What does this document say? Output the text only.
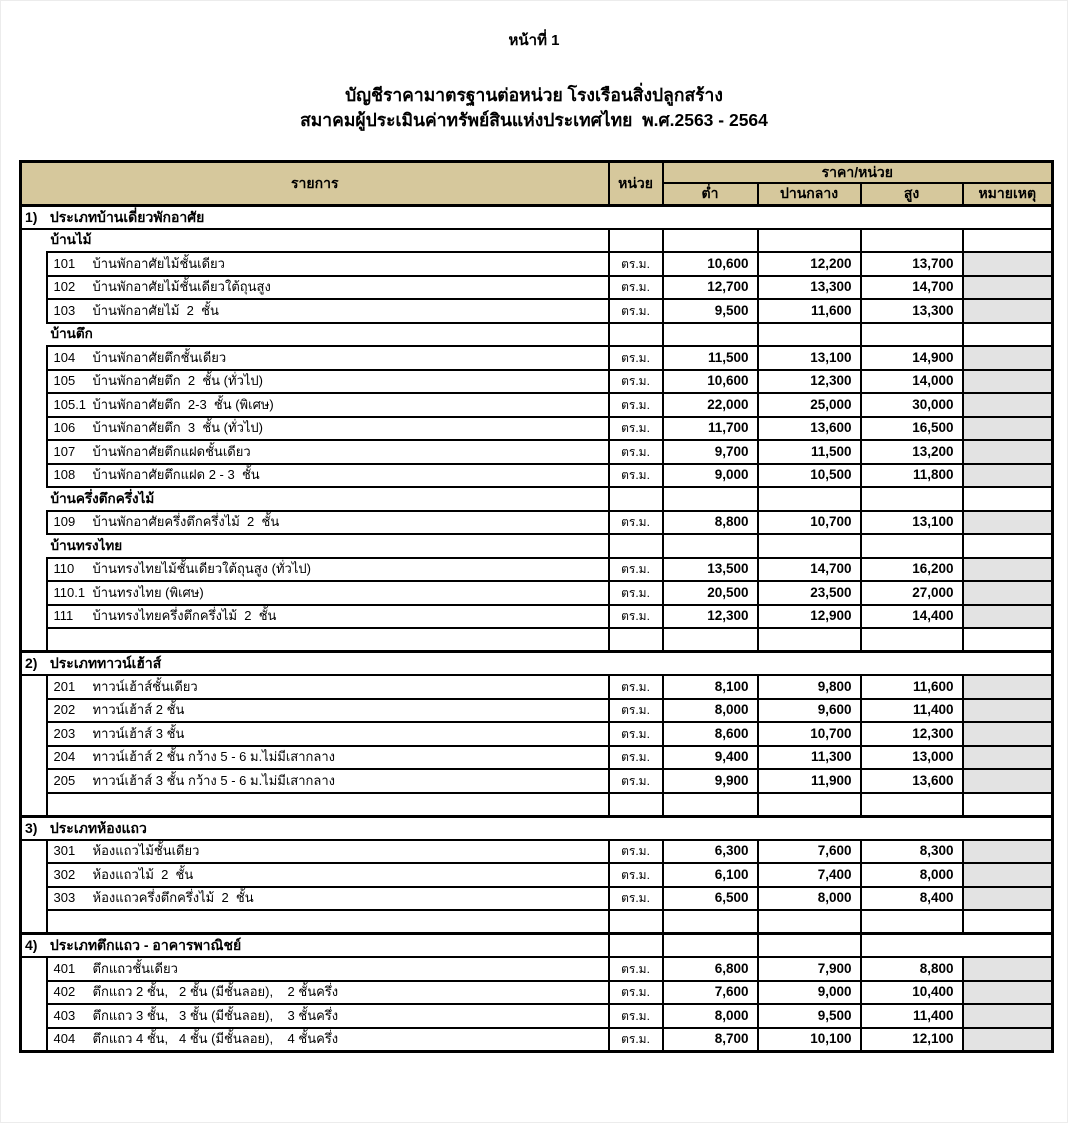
หน้าที่ 1
บัญชีราคามาตรฐานต่อหน่วย โรงเรือนสิ่งปลูกสร้าง
สมาคมผู้ประเมินค่าทรัพย์สินแห่งประเทศไทย  พ.ศ.2563 - 2564
รายการ			หน่วย	ราคา/หน่วย			
				ต่ำ	ปานกลาง	สูง	หมายเหตุ
1) ประเภทบ้านเดี่ยวพักอาศัย							
	บ้านไม้						
	101	บ้านพักอาศัยไม้ชั้นเดียว	ตร.ม.	10,600	12,200	13,700	
	102	บ้านพักอาศัยไม้ชั้นเดียวใต้ถุนสูง	ตร.ม.	12,700	13,300	14,700	
	103	บ้านพักอาศัยไม้  2  ชั้น	ตร.ม.	9,500	11,600	13,300	
	บ้านตึก						
	104	บ้านพักอาศัยตึกชั้นเดียว	ตร.ม.	11,500	13,100	14,900	
	105	บ้านพักอาศัยตึก  2  ชั้น (ทั่วไป)	ตร.ม.	10,600	12,300	14,000	
	105.1	บ้านพักอาศัยตึก  2-3  ชั้น (พิเศษ)	ตร.ม.	22,000	25,000	30,000	
	106	บ้านพักอาศัยตึก  3  ชั้น (ทั่วไป)	ตร.ม.	11,700	13,600	16,500	
	107	บ้านพักอาศัยตึกแฝดชั้นเดียว	ตร.ม.	9,700	11,500	13,200	
	108	บ้านพักอาศัยตึกแฝด 2 - 3  ชั้น	ตร.ม.	9,000	10,500	11,800	
	บ้านครึ่งตึกครึ่งไม้						
	109	บ้านพักอาศัยครึ่งตึกครึ่งไม้  2  ชั้น	ตร.ม.	8,800	10,700	13,100	
	บ้านทรงไทย						
	110	บ้านทรงไทยไม้ชั้นเดียวใต้ถุนสูง (ทั่วไป)	ตร.ม.	13,500	14,700	16,200	
	110.1	บ้านทรงไทย (พิเศษ)	ตร.ม.	20,500	23,500	27,000	
	111	บ้านทรงไทยครึ่งตึกครึ่งไม้  2  ชั้น	ตร.ม.	12,300	12,900	14,400	

2) ประเภททาวน์เฮ้าส์							
	201	ทาวน์เฮ้าส์ชั้นเดียว	ตร.ม.	8,100	9,800	11,600	
	202	ทาวน์เฮ้าส์ 2 ชั้น	ตร.ม.	8,000	9,600	11,400	
	203	ทาวน์เฮ้าส์ 3 ชั้น	ตร.ม.	8,600	10,700	12,300	
	204	ทาวน์เฮ้าส์ 2 ชั้น กว้าง 5 - 6 ม.ไม่มีเสากลาง	ตร.ม.	9,400	11,300	13,000	
	205	ทาวน์เฮ้าส์ 3 ชั้น กว้าง 5 - 6 ม.ไม่มีเสากลาง	ตร.ม.	9,900	11,900	13,600	

3) ประเภทห้องแถว							
	301	ห้องแถวไม้ชั้นเดียว	ตร.ม.	6,300	7,600	8,300	
	302	ห้องแถวไม้  2  ชั้น	ตร.ม.	6,100	7,400	8,000	
	303	ห้องแถวครึ่งตึกครึ่งไม้  2  ชั้น	ตร.ม.	6,500	8,000	8,400	

4) ประเภทตึกแถว - อาคารพาณิชย์							
	401	ตึกแถวชั้นเดียว	ตร.ม.	6,800	7,900	8,800	
	402	ตึกแถว 2 ชั้น,   2 ชั้น (มีชั้นลอย),    2 ชั้นครึ่ง	ตร.ม.	7,600	9,000	10,400	
	403	ตึกแถว 3 ชั้น,   3 ชั้น (มีชั้นลอย),    3 ชั้นครึ่ง	ตร.ม.	8,000	9,500	11,400	
	404	ตึกแถว 4 ชั้น,   4 ชั้น (มีชั้นลอย),    4 ชั้นครึ่ง	ตร.ม.	8,700	10,100	12,100	
